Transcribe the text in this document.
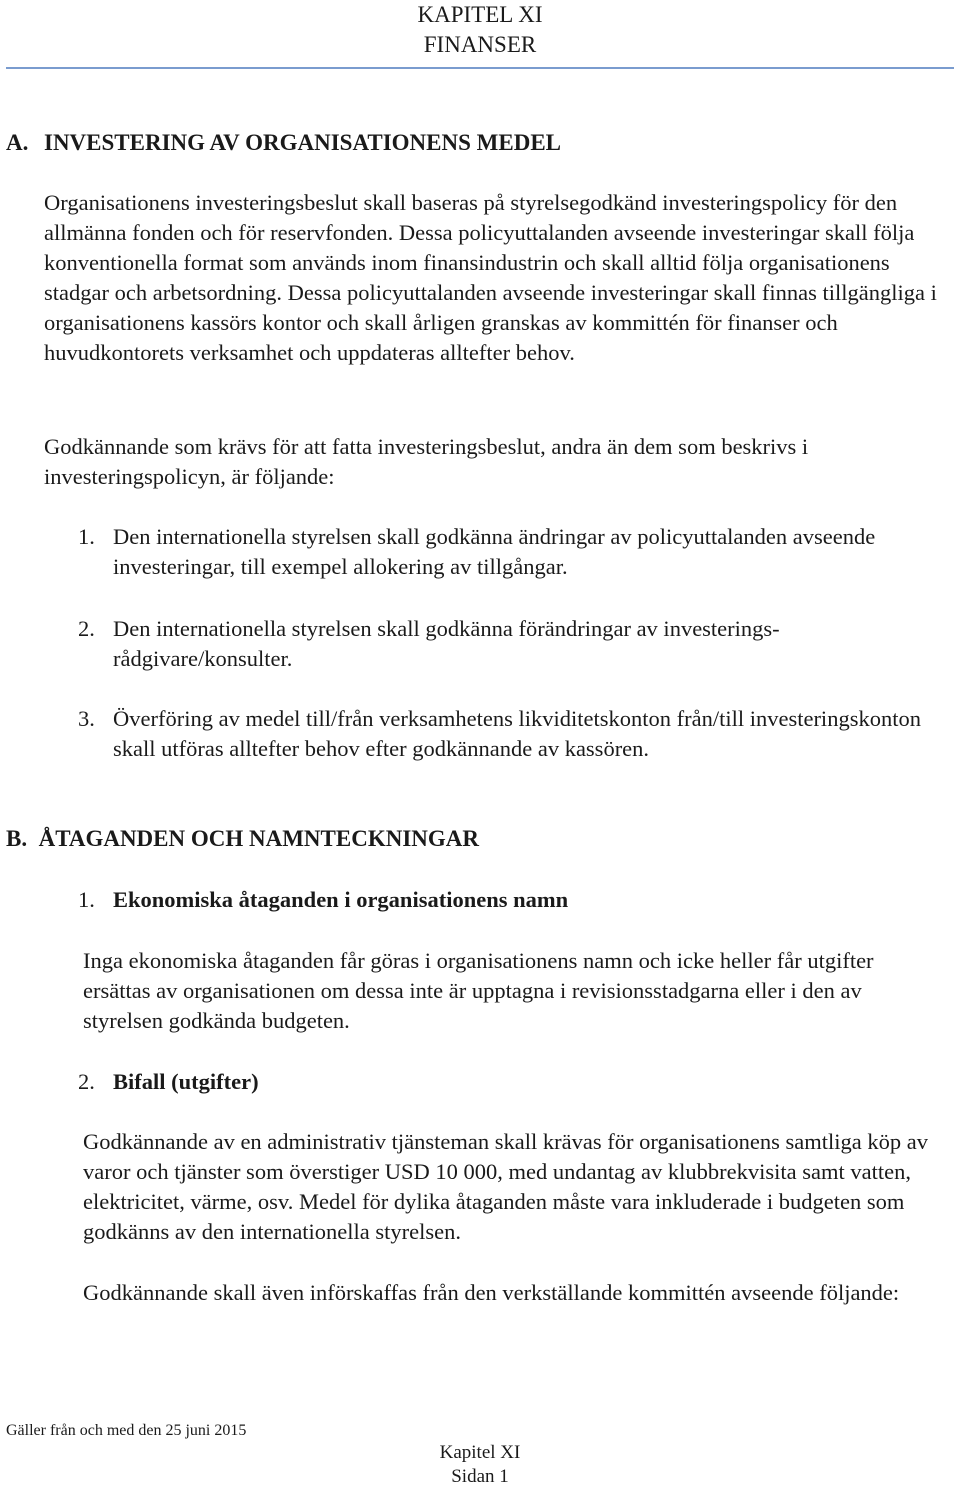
KAPITEL XI
FINANSER
A. INVESTERING AV ORGANISATIONENS MEDEL

Organisationens investeringsbeslut skall baseras på styrelsegodkänd investeringspolicy för den allmänna fonden och för reservfonden. Dessa policyuttalanden avseende investeringar skall följa konventionella format som används inom finansindustrin och skall alltid följa organisationens stadgar och arbetsordning. Dessa policyuttalanden avseende investeringar skall finnas tillgängliga i organisationens kassörs kontor och skall årligen granskas av kommittén för finanser och huvudkontorets verksamhet och uppdateras alltefter behov.

Godkännande som krävs för att fatta investeringsbeslut, andra än dem som beskrivs i investeringspolicyn, är följande:

1. Den internationella styrelsen skall godkänna ändringar av policyuttalanden avseende investeringar, till exempel allokering av tillgångar.
2. Den internationella styrelsen skall godkänna förändringar av investerings-rådgivare/konsulter.
3. Överföring av medel till/från verksamhetens likviditetskonton från/till investeringskonton skall utföras alltefter behov efter godkännande av kassören.
B. ÅTAGANDEN OCH NAMNTECKNINGAR
1. Ekonomiska åtaganden i organisationens namn

Inga ekonomiska åtaganden får göras i organisationens namn och icke heller får utgifter ersättas av organisationen om dessa inte är upptagna i revisionsstadgarna eller i den av styrelsen godkända budgeten.

2. Bifall (utgifter)

Godkännande av en administrativ tjänsteman skall krävas för organisationens samtliga köp av varor och tjänster som överstiger USD 10 000, med undantag av klubbrekvisita samt vatten, elektricitet, värme, osv. Medel för dylika åtaganden måste vara inkluderade i budgeten som godkänns av den internationella styrelsen.

Godkännande skall även införskaffas från den verkställande kommittén avseende följande:

Gäller från och med den 25 juni 2015
Kapitel XI
Sidan 1
